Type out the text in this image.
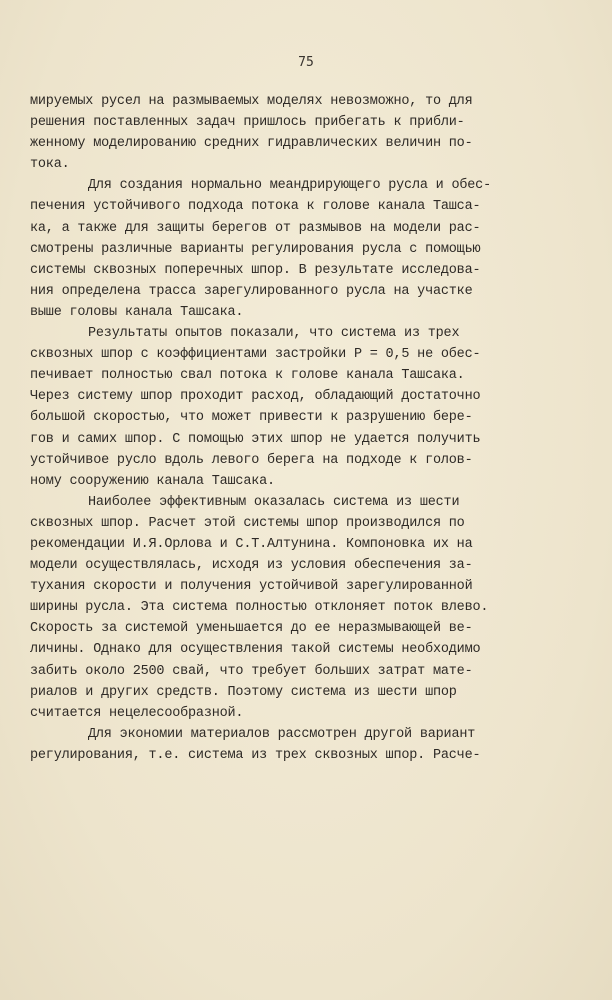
75
мируемых русел на размываемых моделях невозможно, то для
решения поставленных задач пришлось прибегать к прибли-
женному моделированию средних гидравлических величин по-
тока.
Для создания нормально меандрирующего русла и обес-
печения устойчивого подхода потока к голове канала Ташса-
ка, а также для защиты берегов от размывов на модели рас-
смотрены различные варианты регулирования русла с помощью
системы сквозных поперечных шпор. В результате исследова-
ния определена трасса зарегулированного русла на участке
выше головы канала Ташсака.
Результаты опытов показали, что система из трех
сквозных шпор с коэффициентами застройки P = 0,5 не обес-
печивает полностью свал потока к голове канала Ташсака.
Через систему шпор проходит расход, обладающий достаточно
большой скоростью, что может привести к разрушению бере-
гов и самих шпор. С помощью этих шпор не удается получить
устойчивое русло вдоль левого берега на подходе к голов-
ному сооружению канала Ташсака.
Наиболее эффективным оказалась система из шести
сквозных шпор. Расчет этой системы шпор производился по
рекомендации И.Я.Орлова и С.Т.Алтунина. Компоновка их на
модели осуществлялась, исходя из условия обеспечения за-
тухания скорости и получения устойчивой зарегулированной
ширины русла. Эта система полностью отклоняет поток влево.
Скорость за системой уменьшается до ее неразмывающей ве-
личины. Однако для осуществления такой системы необходимо
забить около 2500 свай, что требует больших затрат мате-
риалов и других средств. Поэтому система из шести шпор
считается нецелесообразной.
Для экономии материалов рассмотрен другой вариант
регулирования, т.е. система из трех сквозных шпор. Расче-
